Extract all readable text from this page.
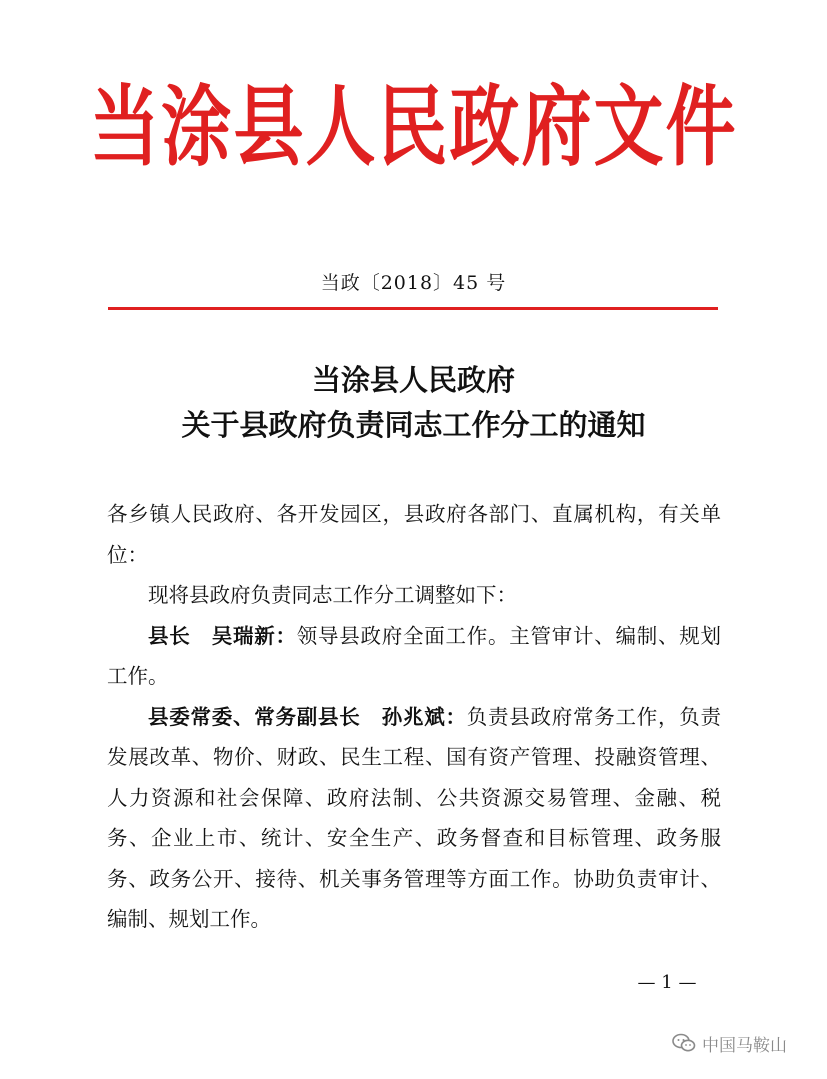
当涂县人民政府文件
当政〔2018〕45 号
当涂县人民政府
关于县政府负责同志工作分工的通知

各乡镇人民政府、各开发园区，县政府各部门、直属机构，有关单位：

现将县政府负责同志工作分工调整如下：

县长　吴瑞新：领导县政府全面工作。主管审计、编制、规划工作。

县委常委、常务副县长　孙兆斌：负责县政府常务工作，负责发展改革、物价、财政、民生工程、国有资产管理、投融资管理、人力资源和社会保障、政府法制、公共资源交易管理、金融、税务、企业上市、统计、安全生产、政务督查和目标管理、政务服务、政务公开、接待、机关事务管理等方面工作。协助负责审计、编制、规划工作。

— 1 —
中国马鞍山
